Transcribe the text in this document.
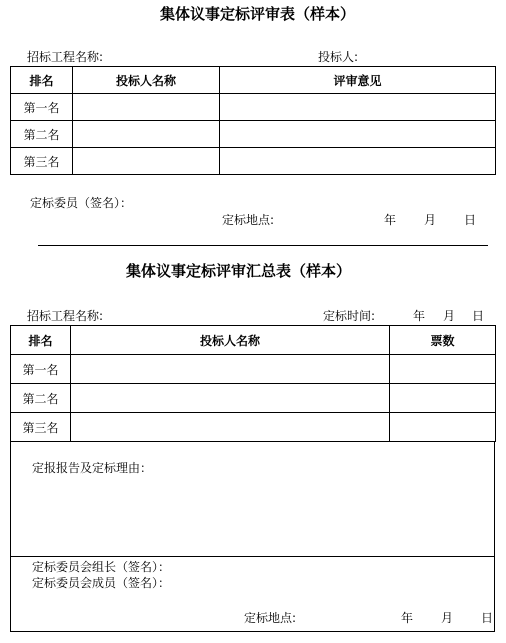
集体议事定标评审表（样本）
招标工程名称:	投标人:
排名	投标人名称	评审意见
第一名		
第二名		
第三名		
定标委员（签名）：
定标地点:	年 月 日
集体议事定标评审汇总表（样本）
招标工程名称:	定标时间:	年 月 日
排名	投标人名称	票数
第一名		
第二名		
第三名		
定报报告及定标理由：
定标委员会组长（签名）：
定标委员会成员（签名）：
定标地点:	年 月 日
